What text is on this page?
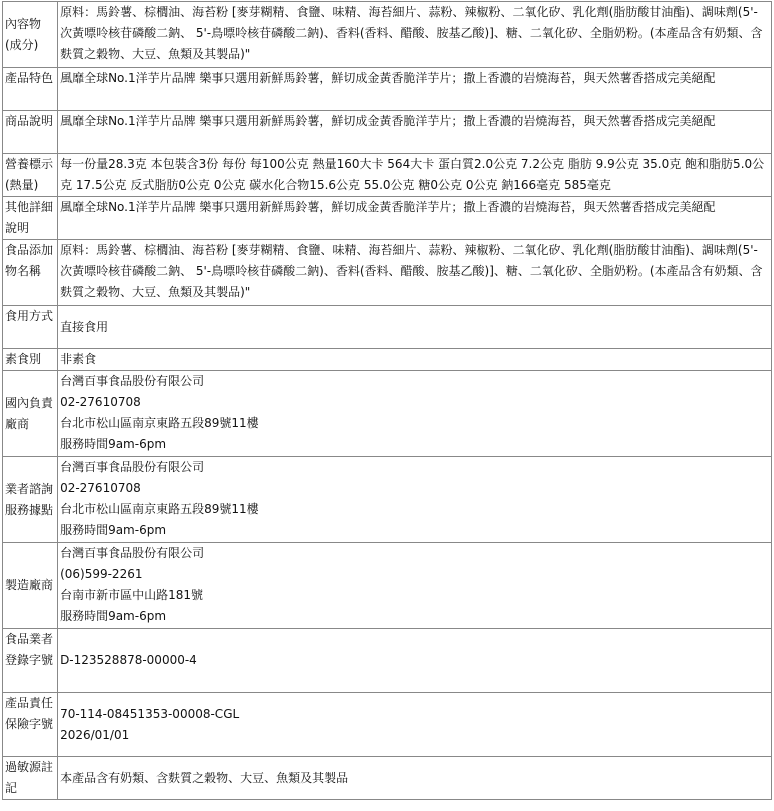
內容物(成分)	原料：馬鈴薯、棕櫚油、海苔粉 [麥芽糊精、食鹽、味精、海苔細片、蒜粉、辣椒粉、二氧化矽、乳化劑(脂肪酸甘油酯)、調味劑(5'-次黃嘌呤核苷磷酸二鈉、 5'-鳥嘌呤核苷磷酸二鈉)、香料(香料、醋酸、胺基乙酸)]、糖、二氧化矽、全脂奶粉。(本產品含有奶類、含麩質之穀物、大豆、魚類及其製品)"
產品特色	風靡全球No.1洋芋片品牌 樂事只選用新鮮馬鈴薯，鮮切成金黃香脆洋芋片；撒上香濃的岩燒海苔，與天然薯香搭成完美絕配
商品說明	風靡全球No.1洋芋片品牌 樂事只選用新鮮馬鈴薯，鮮切成金黃香脆洋芋片；撒上香濃的岩燒海苔，與天然薯香搭成完美絕配
營養標示(熱量)	每一份量28.3克 本包裝含3份 每份 每100公克 熱量160大卡 564大卡 蛋白質2.0公克 7.2公克 脂肪 9.9公克 35.0克 飽和脂肪5.0公克 17.5公克 反式脂肪0公克 0公克 碳水化合物15.6公克 55.0公克 糖0公克 0公克 鈉166毫克 585毫克
其他詳細說明	風靡全球No.1洋芋片品牌 樂事只選用新鮮馬鈴薯，鮮切成金黃香脆洋芋片；撒上香濃的岩燒海苔，與天然薯香搭成完美絕配
食品添加物名稱	原料：馬鈴薯、棕櫚油、海苔粉 [麥芽糊精、食鹽、味精、海苔細片、蒜粉、辣椒粉、二氧化矽、乳化劑(脂肪酸甘油酯)、調味劑(5'-次黃嘌呤核苷磷酸二鈉、 5'-鳥嘌呤核苷磷酸二鈉)、香料(香料、醋酸、胺基乙酸)]、糖、二氧化矽、全脂奶粉。(本產品含有奶類、含麩質之穀物、大豆、魚類及其製品)"
食用方式	直接食用
素食別	非素食
國內負責廠商	台灣百事食品股份有限公司
02-27610708
台北市松山區南京東路五段89號11樓
服務時間9am-6pm

業者諮詢服務據點	台灣百事食品股份有限公司
02-27610708
台北市松山區南京東路五段89號11樓
服務時間9am-6pm

製造廠商	台灣百事食品股份有限公司
(06)599-2261
台南市新市區中山路181號
服務時間9am-6pm

食品業者登錄字號	D-123528878-00000-4
產品責任保險字號	70-114-08451353-00008-CGL
2026/01/01

過敏源註記	本產品含有奶類、含麩質之穀物、大豆、魚類及其製品
